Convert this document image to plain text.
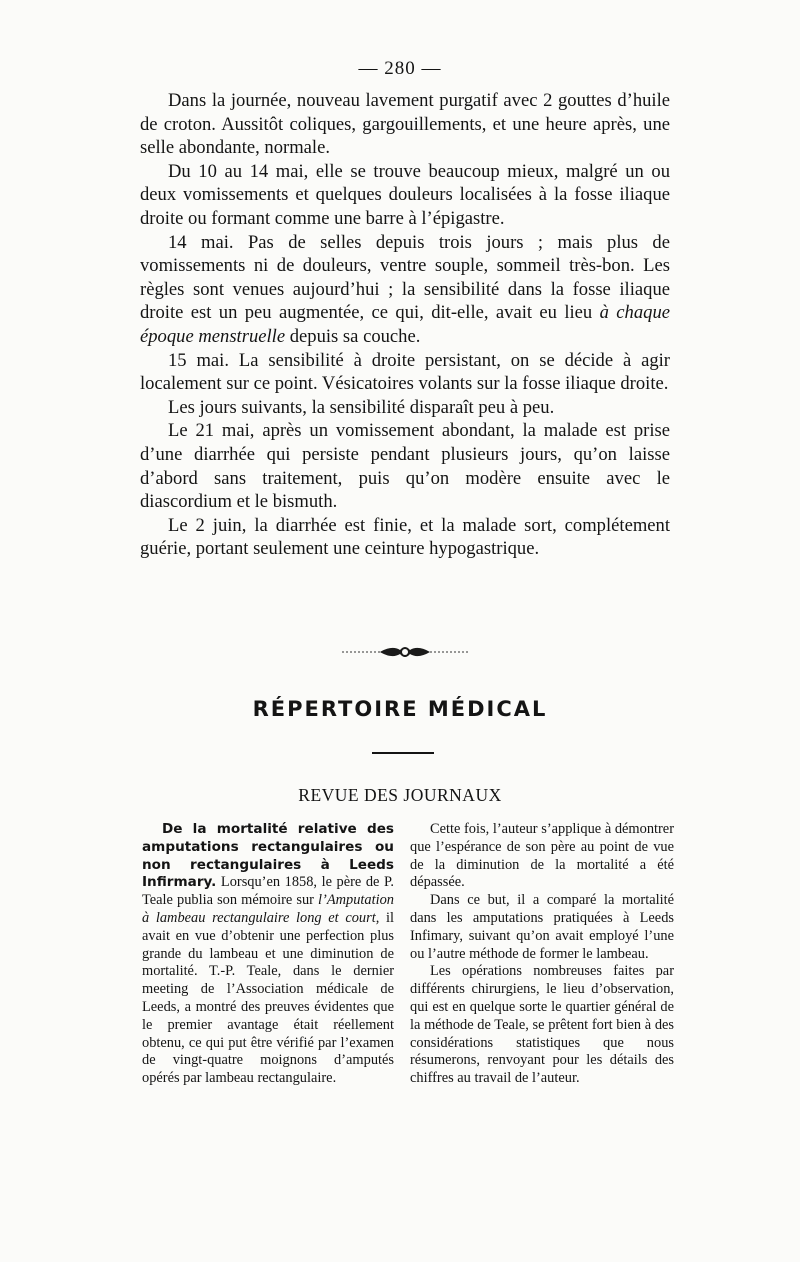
— 280 —

Dans la journée, nouveau lavement purgatif avec 2 gouttes d’huile de croton. Aussitôt coliques, gargouillements, et une heure après, une selle abondante, normale.

Du 10 au 14 mai, elle se trouve beaucoup mieux, malgré un ou deux vomissements et quelques douleurs localisées à la fosse iliaque droite ou formant comme une barre à l’épigastre.

14 mai. Pas de selles depuis trois jours ; mais plus de vomissements ni de douleurs, ventre souple, sommeil très-bon. Les règles sont venues aujourd’hui ; la sensibilité dans la fosse iliaque droite est un peu augmentée, ce qui, dit-elle, avait eu lieu à chaque époque menstruelle depuis sa couche.

15 mai. La sensibilité à droite persistant, on se décide à agir localement sur ce point. Vésicatoires volants sur la fosse iliaque droite.

Les jours suivants, la sensibilité disparaît peu à peu.

Le 21 mai, après un vomissement abondant, la malade est prise d’une diarrhée qui persiste pendant plusieurs jours, qu’on laisse d’abord sans traitement, puis qu’on modère ensuite avec le diascordium et le bismuth.

Le 2 juin, la diarrhée est finie, et la malade sort, complétement guérie, portant seulement une ceinture hypogastrique.

RÉPERTOIRE MÉDICAL
REVUE DES JOURNAUX

De la mortalité relative des amputations rectangulaires ou non rectangulaires à Leeds Infirmary. Lorsqu’en 1858, le père de P. Teale publia son mémoire sur l’Amputation à lambeau rectangulaire long et court, il avait en vue d’obtenir une perfection plus grande du lambeau et une diminution de mortalité. T.-P. Teale, dans le dernier meeting de l’Association médicale de Leeds, a montré des preuves évidentes que le premier avantage était réellement obtenu, ce qui put être vérifié par l’examen de vingt-quatre moignons d’amputés opérés par lambeau rectangulaire.

Cette fois, l’auteur s’applique à démontrer que l’espérance de son père au point de vue de la diminution de la mortalité a été dépassée.

Dans ce but, il a comparé la mortalité dans les amputations pratiquées à Leeds Infimary, suivant qu’on avait employé l’une ou l’autre méthode de former le lambeau.

Les opérations nombreuses faites par différents chirurgiens, le lieu d’observation, qui est en quelque sorte le quartier général de la méthode de Teale, se prêtent fort bien à des considérations statistiques que nous résumerons, renvoyant pour les détails des chiffres au travail de l’auteur.
